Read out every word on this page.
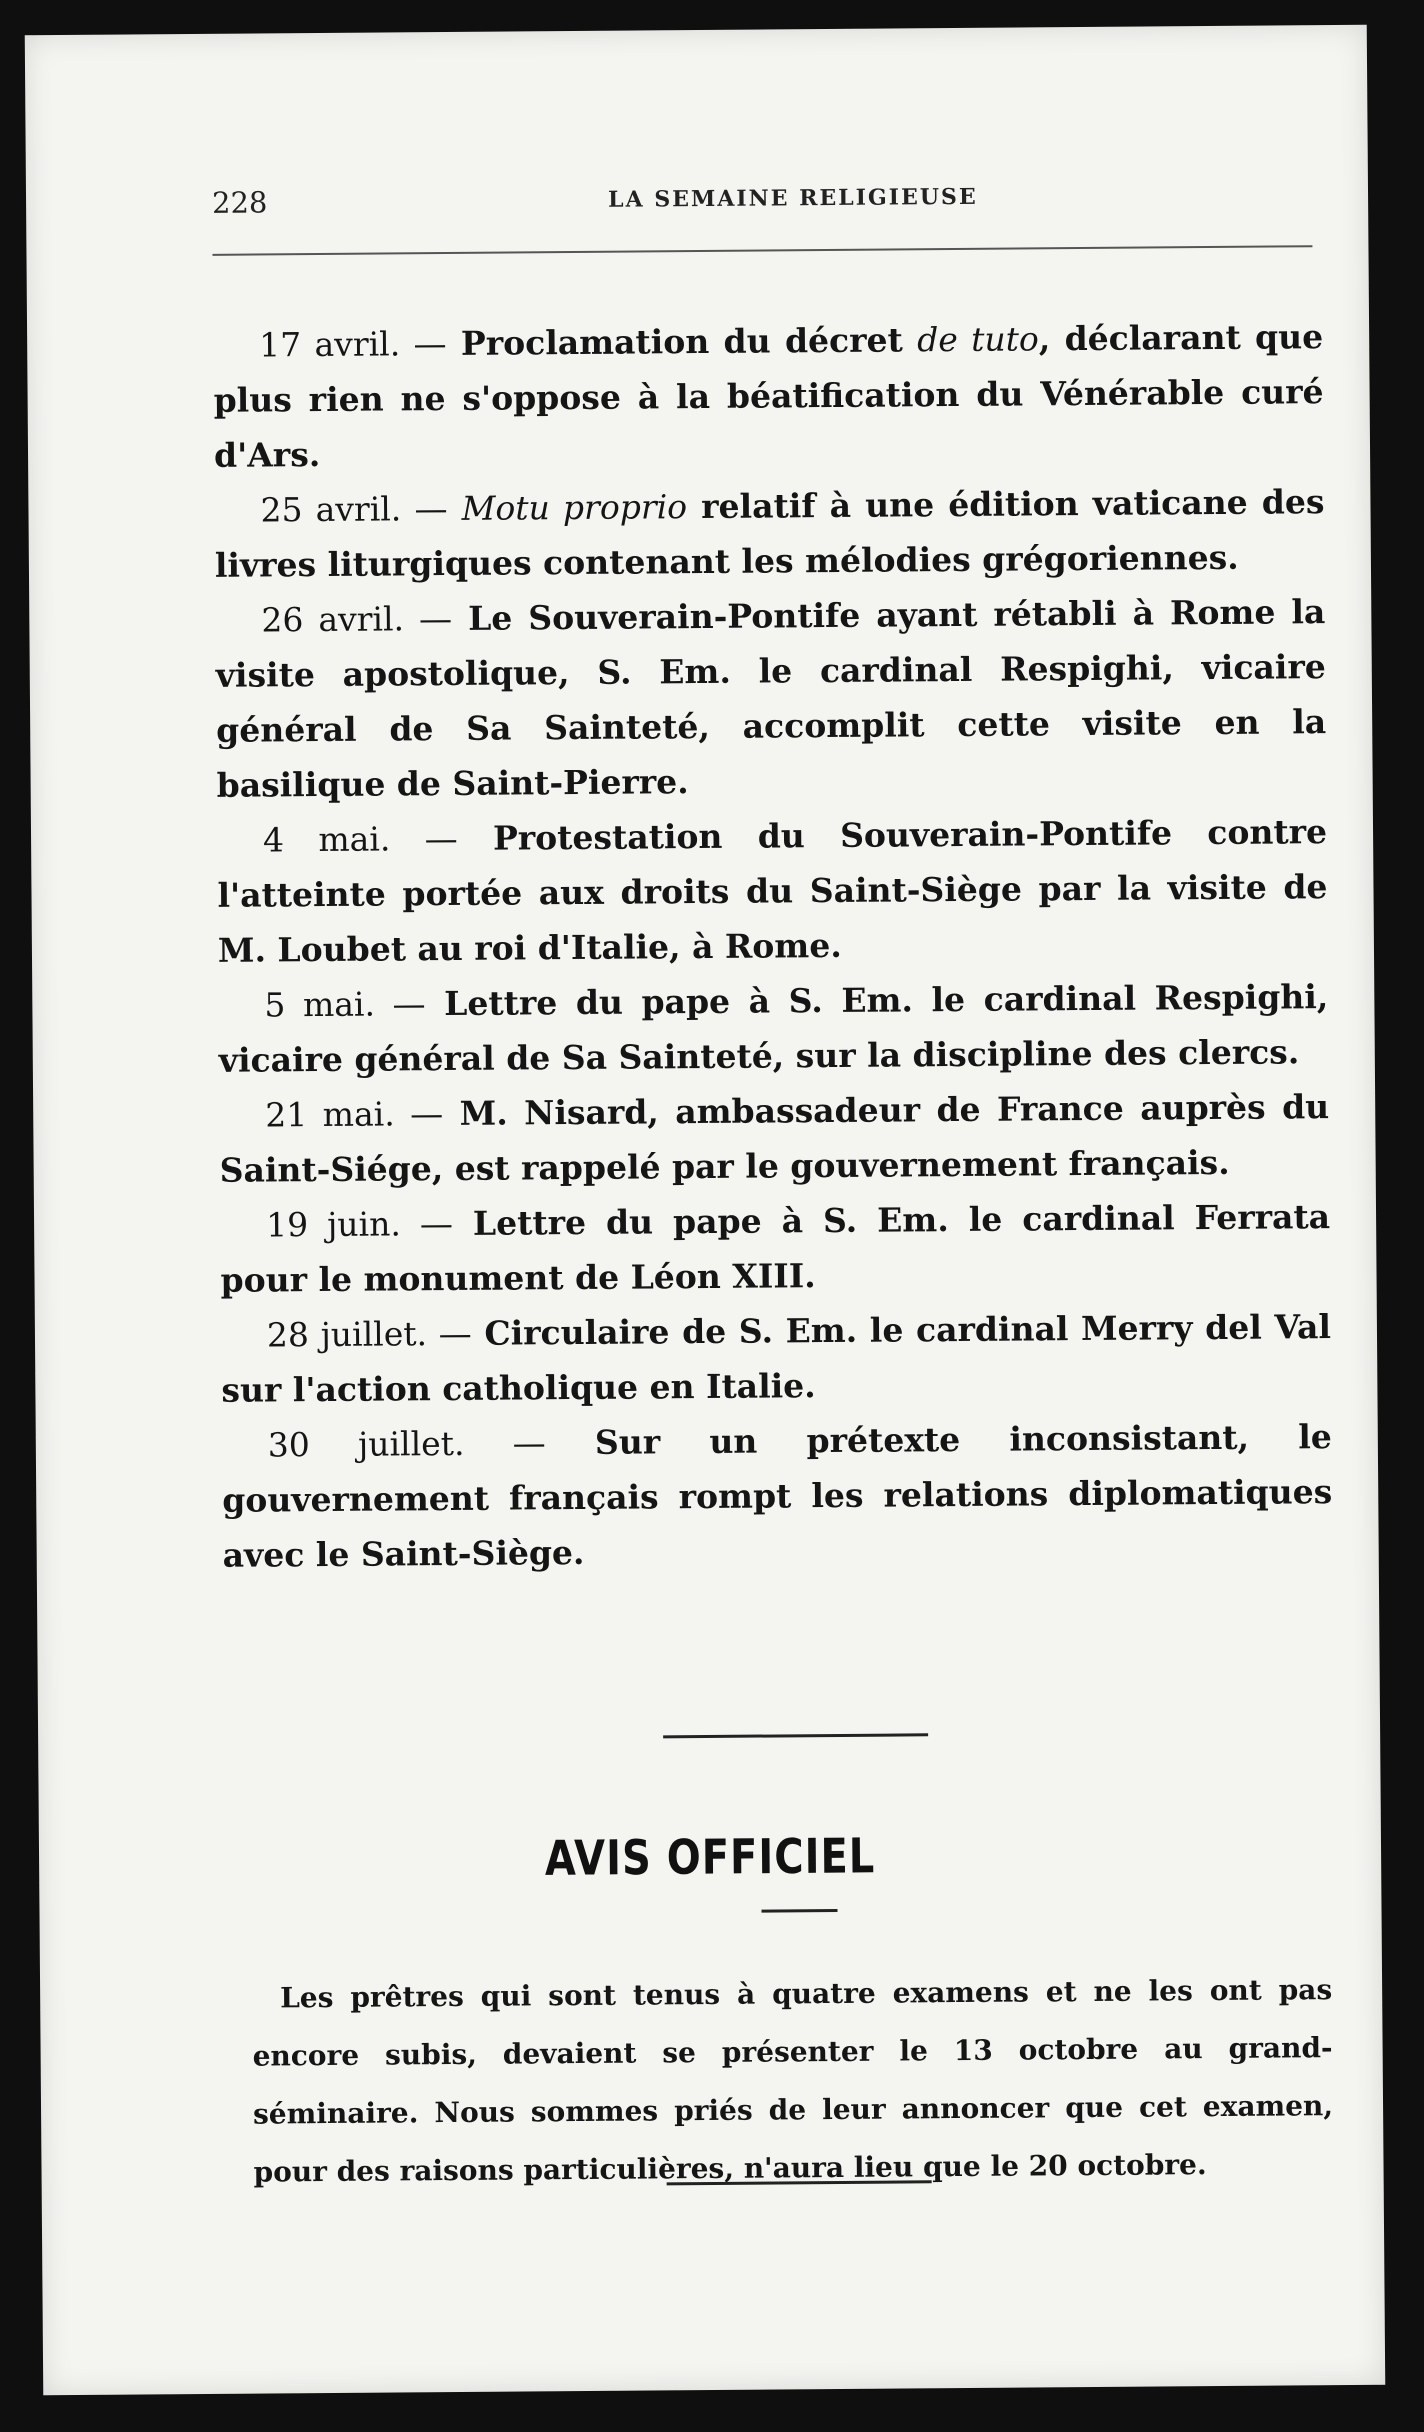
228	LA SEMAINE RELIGIEUSE

17 avril. — Proclamation du décret de tuto, déclarant que plus rien ne s'oppose à la béatification du Vénérable curé d'Ars.

25 avril. — Motu proprio relatif à une édition vaticane des livres liturgiques contenant les mélodies grégoriennes.

26 avril. — Le Souverain-Pontife ayant rétabli à Rome la visite apostolique, S. Em. le cardinal Respighi, vicaire général de Sa Sainteté, accomplit cette visite en la basilique de Saint-Pierre.

4 mai. — Protestation du Souverain-Pontife contre l'atteinte portée aux droits du Saint-Siège par la visite de M. Loubet au roi d'Italie, à Rome.

5 mai. — Lettre du pape à S. Em. le cardinal Respighi, vicaire général de Sa Sainteté, sur la discipline des clercs.

21 mai. — M. Nisard, ambassadeur de France auprès du Saint-Siége, est rappelé par le gouvernement français.

19 juin. — Lettre du pape à S. Em. le cardinal Ferrata pour le monument de Léon XIII.

28 juillet. — Circulaire de S. Em. le cardinal Merry del Val sur l'action catholique en Italie.

30 juillet. — Sur un prétexte inconsistant, le gouvernement français rompt les relations diplomatiques avec le Saint-Siège.

AVIS OFFICIEL

Les prêtres qui sont tenus à quatre examens et ne les ont pas encore subis, devaient se présenter le 13 octobre au grand-séminaire. Nous sommes priés de leur annoncer que cet examen, pour des raisons particulières, n'aura lieu que le 20 octobre.
